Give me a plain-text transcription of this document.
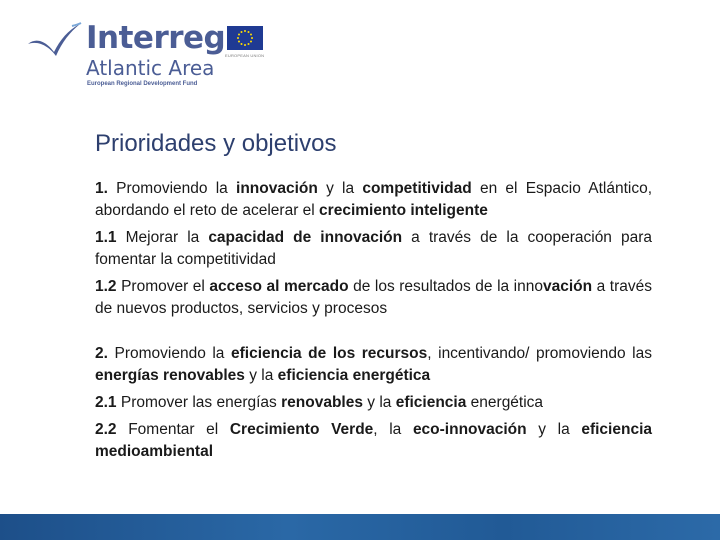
Interreg EUROPEAN UNION
Atlantic Area
European Regional Development Fund
Prioridades y objetivos

1. Promoviendo la innovación y la competitividad en el Espacio Atlántico, abordando el reto de acelerar el crecimiento inteligente

1.1 Mejorar la capacidad de innovación a través de la cooperación para fomentar la competitividad

1.2 Promover el acceso al mercado de los resultados de la innovación a través de nuevos productos, servicios y procesos

2. Promoviendo la eficiencia de los recursos, incentivando/ promoviendo las energías renovables y la eficiencia energética

2.1 Promover las energías renovables y la eficiencia energética

2.2 Fomentar el Crecimiento Verde, la eco-innovación y la eficiencia medioambiental
